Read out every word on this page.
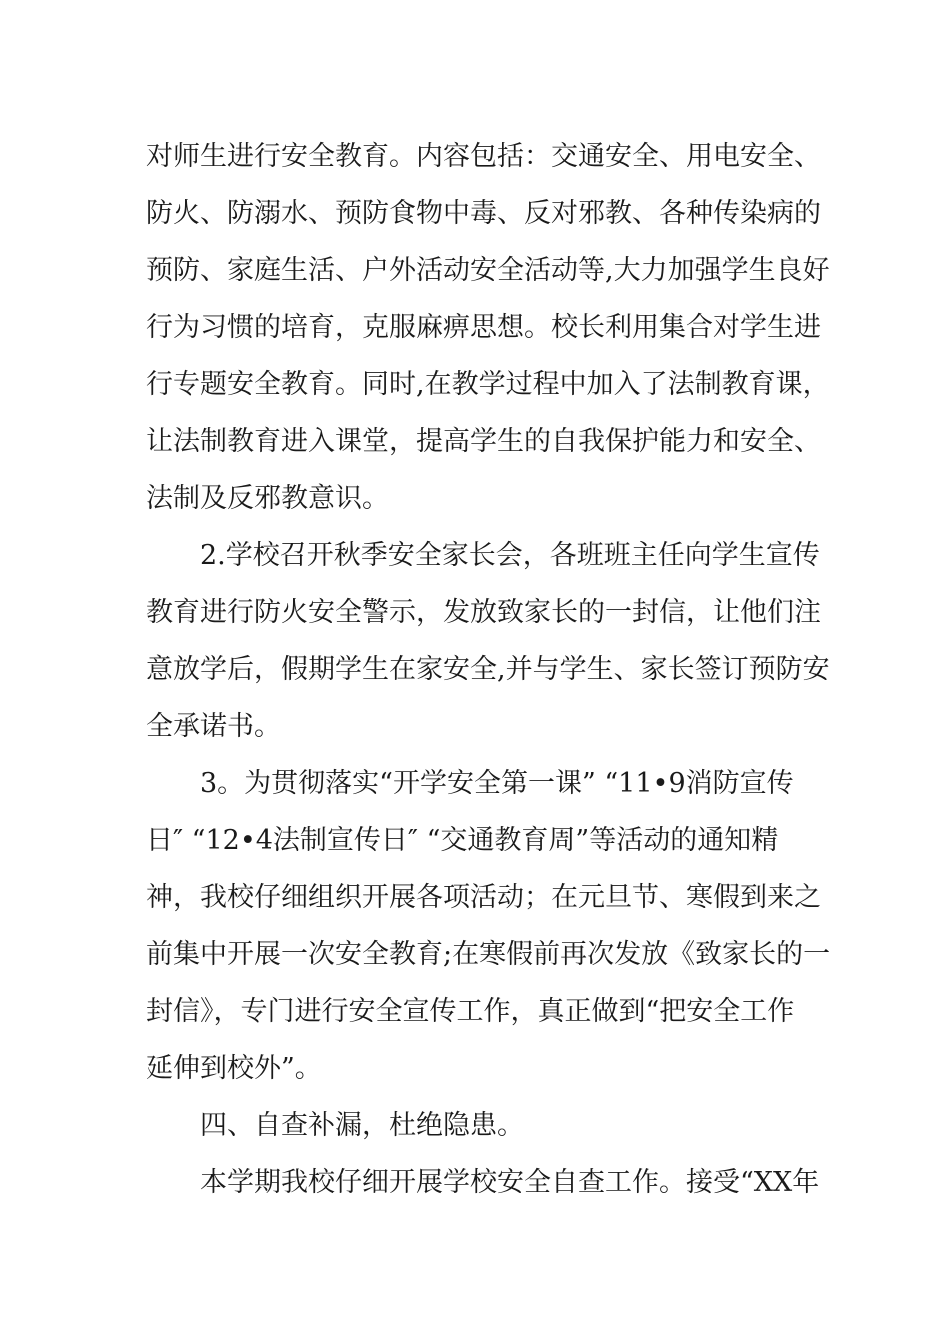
对师生进行安全教育。内容包括：交通安全、用电安全、
防火、防溺水、预防食物中毒、反对邪教、各种传染病的
预防、家庭生活、户外活动安全活动等,大力加强学生良好
行为习惯的培育，克服麻痹思想。校长利用集合对学生进
行专题安全教育。同时,在教学过程中加入了法制教育课，
让法制教育进入课堂，提高学生的自我保护能力和安全、
法制及反邪教意识。
2.学校召开秋季安全家长会，各班班主任向学生宣传
教育进行防火安全警示，发放致家长的一封信，让他们注
意放学后，假期学生在家安全,并与学生、家长签订预防安
全承诺书。
3。为贯彻落实“开学安全第一课” “11•9消防宣传
日″ “12•4法制宣传日″ “交通教育周”等活动的通知精
神，我校仔细组织开展各项活动；在元旦节、寒假到来之
前集中开展一次安全教育;在寒假前再次发放《致家长的一
封信》，专门进行安全宣传工作，真正做到“把安全工作
延伸到校外”。
四、自查补漏，杜绝隐患。
本学期我校仔细开展学校安全自查工作。接受“XX年
